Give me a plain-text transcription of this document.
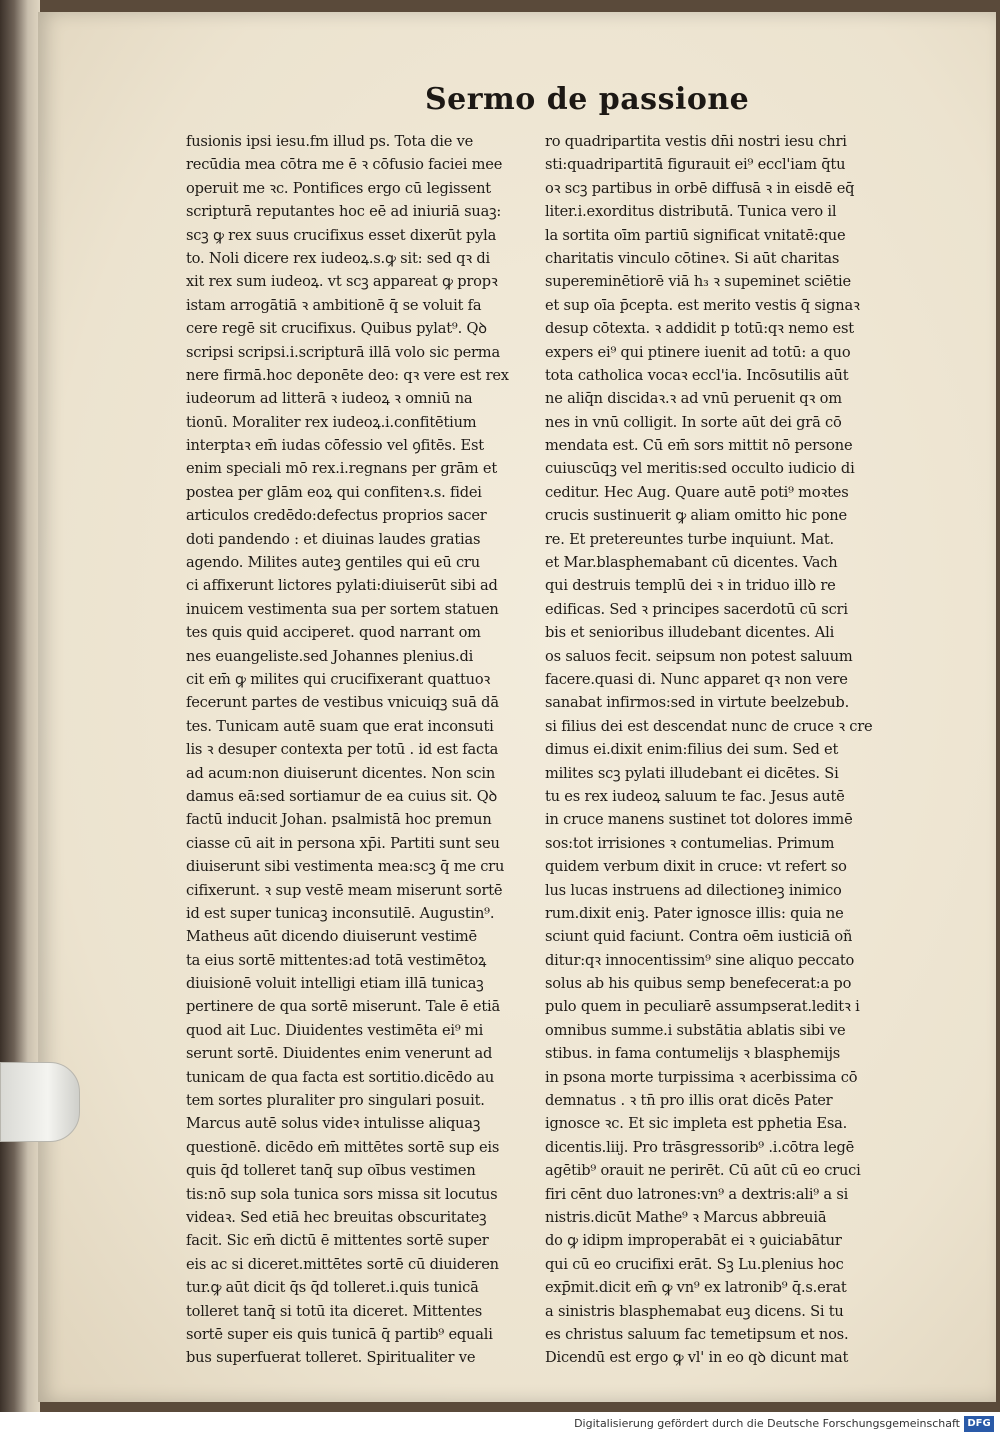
Sermo de passione
fusionis ipsi iesu.fm illud ps. Tota die ve
recūdia mea cōtra me ē ꝛ cōfusio faciei mee
operuit me ꝛc. Pontifices ergo cū legissent
scripturā reputantes hoc eē ad iniuriā suaꝫ:
scꝫ ꝙ rex suus crucifixus esset dixerūt pyla
to. Noli dicere rex iudeoꝝ.s.ꝙ sit: sed qꝛ di
xit rex sum iudeoꝝ. vt scꝫ appareat ꝙ propꝛ
istam arrogātiā ꝛ ambitionē q̄ se voluit fa
cere regē sit crucifixus. Quibus pylat⁹. Qꝺ
scripsi scripsi.i.scripturā illā volo sic perma
nere firmā.hoc deponēte deo: qꝛ vere est rex
iudeorum ad litterā ꝛ iudeoꝝ ꝛ omniū na
tionū. Moraliter rex iudeoꝝ.i.confitētium
interptaꝛ em̄ iudas cōfessio vel ꝯfitēs. Est
enim speciali mō rex.i.regnans per grām et
postea per glām eoꝝ qui confitenꝛ.s. fidei
articulos credēdo:defectus proprios sacer
doti pandendo : et diuinas laudes gratias
agendo. Milites auteꝫ gentiles qui eū cru
ci affixerunt lictores pylati:diuiserūt sibi ad
inuicem vestimenta sua per sortem statuen
tes quis quid acciperet. quod narrant om
nes euangeliste.sed Johannes plenius.di
cit em̄ ꝙ milites qui crucifixerant quattuoꝛ
fecerunt partes de vestibus vnicuiqꝫ suā dā
tes. Tunicam autē suam que erat inconsuti
lis ꝛ desuper contexta per totū . id est facta
ad acum:non diuiserunt dicentes. Non scin
damus eā:sed sortiamur de ea cuius sit. Qꝺ
factū inducit Johan. psalmistā hoc premun
ciasse cū ait in persona xp̄i. Partiti sunt seu
diuiserunt sibi vestimenta mea:scꝫ q̄ me cru
cifixerunt. ꝛ sup vestē meam miserunt sortē
id est super tunicaꝫ inconsutilē. Augustin⁹.
Matheus aūt dicendo diuiserunt vestimē
ta eius sortē mittentes:ad totā vestimētoꝝ
diuisionē voluit intelligi etiam illā tunicaꝫ
pertinere de qua sortē miserunt. Tale ē etiā
quod ait Luc. Diuidentes vestimēta ei⁹ mi
serunt sortē. Diuidentes enim venerunt ad
tunicam de qua facta est sortitio.dicēdo au
tem sortes pluraliter pro singulari posuit.
Marcus autē solus videꝛ intulisse aliquaꝫ
questionē. dicēdo em̄ mittētes sortē sup eis
quis q̄d tolleret tanq̄ sup oībus vestimen
tis:nō sup sola tunica sors missa sit locutus
videaꝛ. Sed etiā hec breuitas obscuritateꝫ
facit. Sic em̄ dictū ē mittentes sortē super
eis ac si diceret.mittētes sortē cū diuideren
tur.ꝙ aūt dicit q̄s q̄d tolleret.i.quis tunicā
tolleret tanq̄ si totū ita diceret. Mittentes
sortē super eis quis tunicā q̄ partib⁹ equali
bus superfuerat tolleret. Spiritualiter ve
ro quadripartita vestis dn̄i nostri iesu chri
sti:quadripartitā figurauit ei⁹ eccl'iam q̄tu
oꝛ scꝫ partibus in orbē diffusā ꝛ in eisdē eq̄
liter.i.exorditus distributā. Tunica vero il
la sortita oīm partiū significat vnitatē:que
charitatis vinculo cōtineꝛ. Si aūt charitas
supereminētiorē viā h₃ ꝛ supeminet sciētie
et sup oīa p̄cepta. est merito vestis q̄ signaꝛ
desup cōtexta. ꝛ addidit p totū:qꝛ nemo est
expers ei⁹ qui ptinere iuenit ad totū: a quo
tota catholica vocaꝛ eccl'ia. Incōsutilis aūt
ne aliq̄n discidaꝛ.ꝛ ad vnū peruenit qꝛ om
nes in vnū colligit. In sorte aūt dei grā cō
mendata est. Cū em̄ sors mittit nō persone
cuiuscūqꝫ vel meritis:sed occulto iudicio di
ceditur. Hec Aug. Quare autē poti⁹ moꝛtes
crucis sustinuerit ꝙ aliam omitto hic pone
re. Et pretereuntes turbe inquiunt. Mat.
et Mar.blasphemabant cū dicentes. Vach
qui destruis templū dei ꝛ in triduo illꝺ re
edificas. Sed ꝛ principes sacerdotū cū scri
bis et senioribus illudebant dicentes. Ali
os saluos fecit. seipsum non potest saluum
facere.quasi di. Nunc apparet qꝛ non vere
sanabat infirmos:sed in virtute beelzebub.
si filius dei est descendat nunc de cruce ꝛ cre
dimus ei.dixit enim:filius dei sum. Sed et
milites scꝫ pylati illudebant ei dicētes. Si
tu es rex iudeoꝝ saluum te fac. Jesus autē
in cruce manens sustinet tot dolores immē
sos:tot irrisiones ꝛ contumelias. Primum
quidem verbum dixit in cruce: vt refert so
lus lucas instruens ad dilectioneꝫ inimico
rum.dixit eniꝫ. Pater ignosce illis: quia ne
sciunt quid faciunt. Contra oēm iusticiā oñ
ditur:qꝛ innocentissim⁹ sine aliquo peccato
solus ab his quibus semp benefecerat:a po
pulo quem in peculiarē assumpserat.leditꝛ i
omnibus summe.i substātia ablatis sibi ve
stibus. in fama contumelijs ꝛ blasphemijs
in psona morte turpissima ꝛ acerbissima cō
demnatus . ꝛ tn̄ pro illis orat dicēs Pater
ignosce ꝛc. Et sic impleta est pphetia Esa.
dicentis.liij. Pro trāsgressorib⁹ .i.cōtra legē
agētib⁹ orauit ne perirēt. Cū aūt cū eo cruci
firi cēnt duo latrones:vn⁹ a dextris:ali⁹ a si
nistris.dicūt Mathe⁹ ꝛ Marcus abbreuiā
do ꝙ idipm improperabāt ei ꝛ ꝯuiciabātur
qui cū eo crucifixi erāt. Sꝫ Lu.plenius hoc
exp̄mit.dicit em̄ ꝙ vn⁹ ex latronib⁹ q̄.s.erat
a sinistris blasphemabat euꝫ dicens. Si tu
es christus saluum fac temetipsum et nos.
Dicendū est ergo ꝙ vl' in eo qꝺ dicunt mat
Digitalisierung gefördert durch die Deutsche Forschungsgemeinschaft DFG
